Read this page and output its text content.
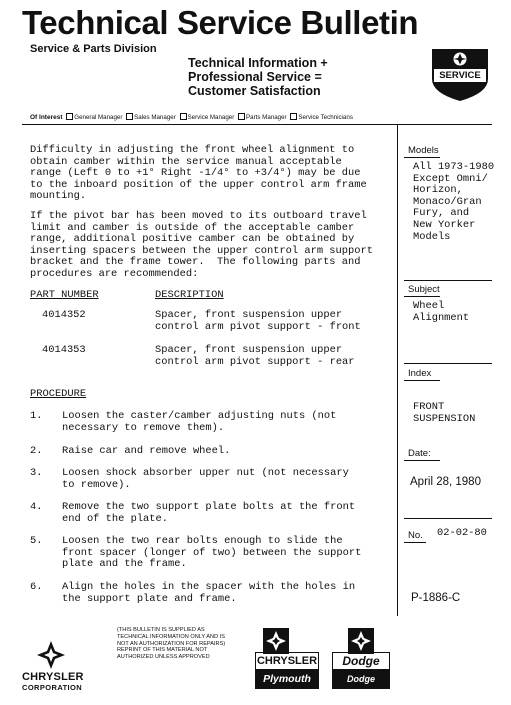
Technical Service Bulletin
Service & Parts Division
Technical Information +
Professional Service =
Customer Satisfaction
SERVICE
Of Interest General Manager Sales Manager Service Manager Parts Manager Service Technicians
Difficulty in adjusting the front wheel alignment to
obtain camber within the service manual acceptable
range (Left 0 to +1° Right -1/4° to +3/4°) may be due
to the inboard position of the upper control arm frame
mounting.
If the pivot bar has been moved to its outboard travel
limit and camber is outside of the acceptable camber
range, additional positive camber can be obtained by
inserting spacers between the upper control arm support
bracket and the frame tower.  The following parts and
procedures are recommended:
PART NUMBER	DESCRIPTION
4014352	Spacer, front suspension upper
control arm pivot support - front
4014353	Spacer, front suspension upper
control arm pivot support - rear
PROCEDURE
1. Loosen the caster/camber adjusting nuts (not
necessary to remove them).
2. Raise car and remove wheel.
3. Loosen shock absorber upper nut (not necessary
to remove).
4. Remove the two support plate bolts at the front
end of the plate.
5. Loosen the two rear bolts enough to slide the
front spacer (longer of two) between the support
plate and the frame.
6. Align the holes in the spacer with the holes in
the support plate and frame.
Models
All 1973-1980
Except Omni/
Horizon,
Monaco/Gran
Fury, and
New Yorker
Models
Subject
Wheel
Alignment
Index
FRONT
SUSPENSION
Date:
April 28, 1980
No. 02-02-80
P-1886-C
(THIS BULLETIN IS SUPPLIED AS TECHNICAL INFORMATION ONLY AND IS NOT AN AUTHORIZATION FOR REPAIRS) REPRINT OF THIS MATERIAL NOT AUTHORIZED UNLESS APPROVED
CHRYSLER
CORPORATION
CHRYSLER
Plymouth
Dodge
Dodge Trucks
